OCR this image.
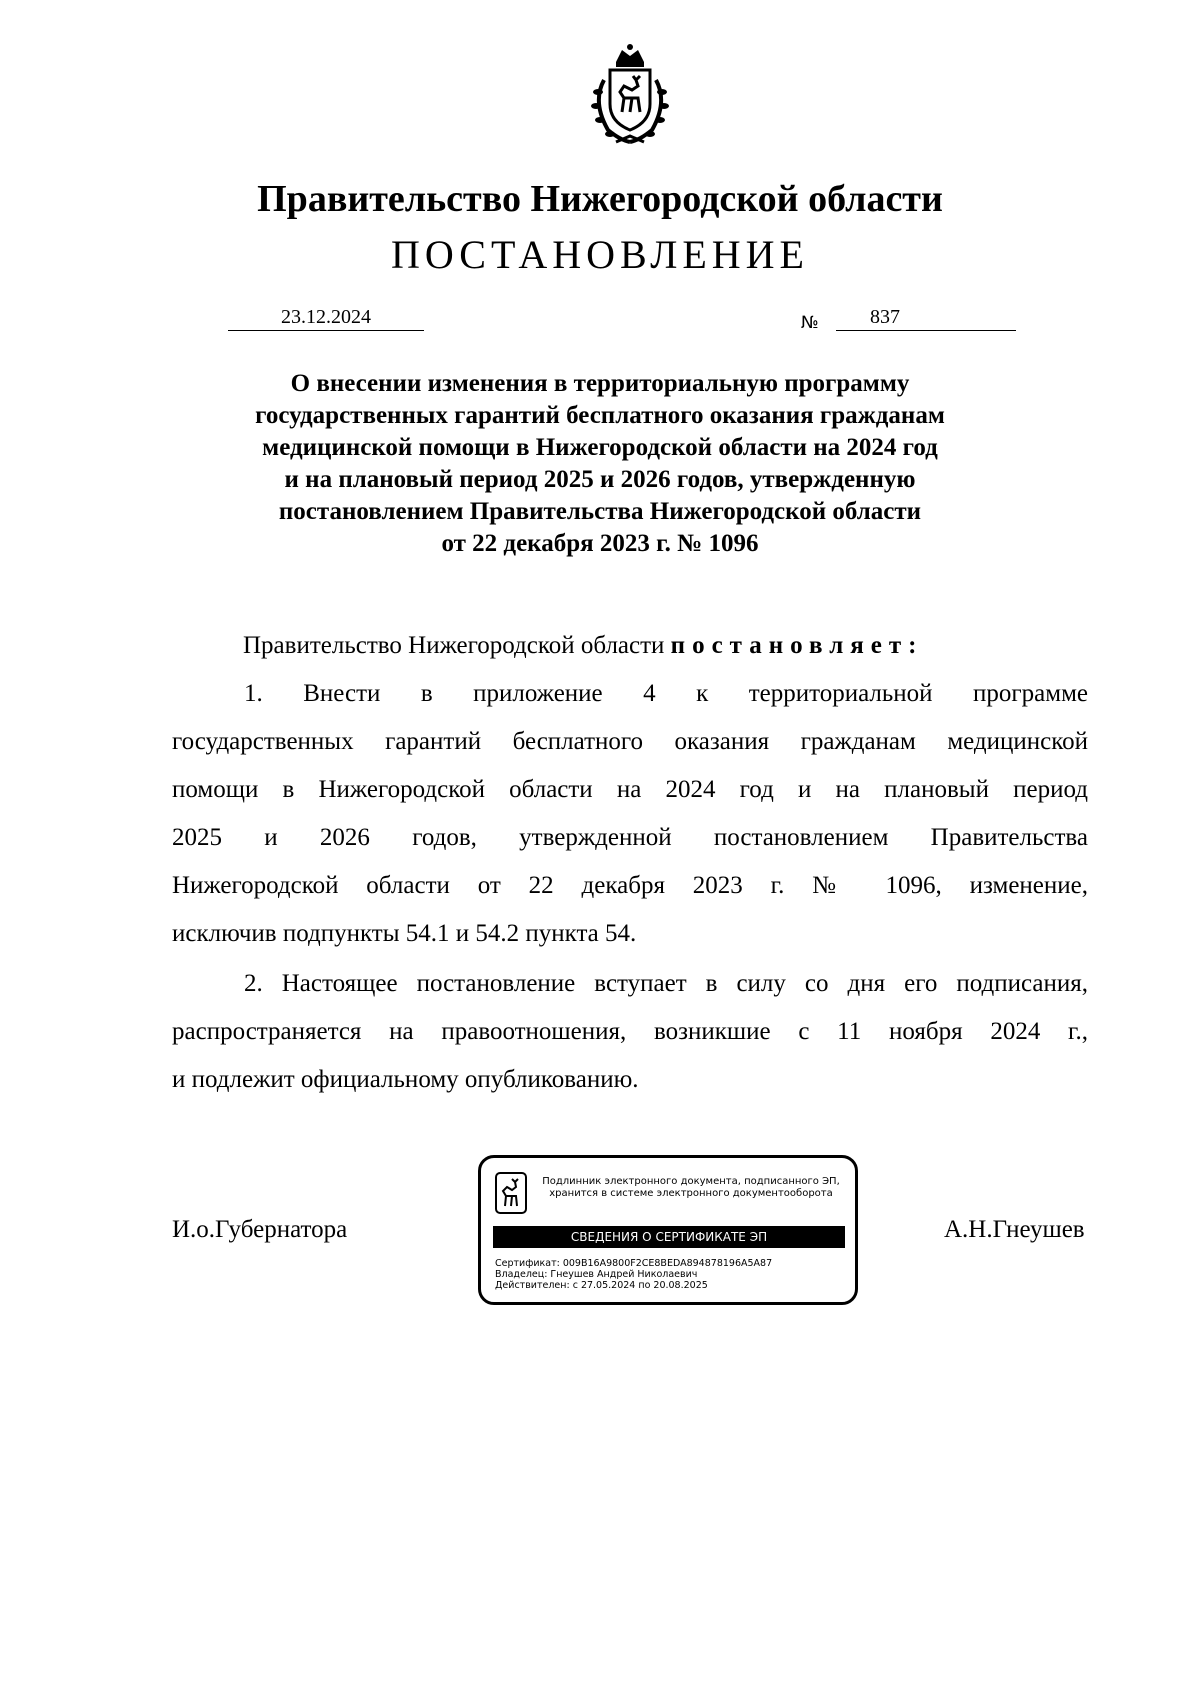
Правительство Нижегородской области
ПОСТАНОВЛЕНИЕ
23.12.2024	№	837
О внесении изменения в территориальную программу
государственных гарантий бесплатного оказания гражданам
медицинской помощи в Нижегородской области на 2024 год
и на плановый период 2025 и 2026 годов, утвержденную
постановлением Правительства Нижегородской области
от 22 декабря 2023 г. № 1096
Правительство Нижегородской области постановляет:
1. Внести в приложение 4 к территориальной программе
государственных гарантий бесплатного оказания гражданам медицинской
помощи в Нижегородской области на 2024 год и на плановый период
2025 и 2026 годов, утвержденной постановлением Правительства
Нижегородской области от 22 декабря 2023 г. № 1096, изменение,
исключив подпункты 54.1 и 54.2 пункта 54.
2. Настоящее постановление вступает в силу со дня его подписания,
распространяется на правоотношения, возникшие с 11 ноября 2024 г.,
и подлежит официальному опубликованию.
И.о.Губернатора	А.Н.Гнеушев
Подлинник электронного документа, подписанного ЭП,
хранится в системе электронного документооборота
СВЕДЕНИЯ О СЕРТИФИКАТЕ ЭП
Сертификат: 009B16A9800F2CE8BEDA894878196A5A87
Владелец: Гнеушев Андрей Николаевич
Действителен: с 27.05.2024 по 20.08.2025
